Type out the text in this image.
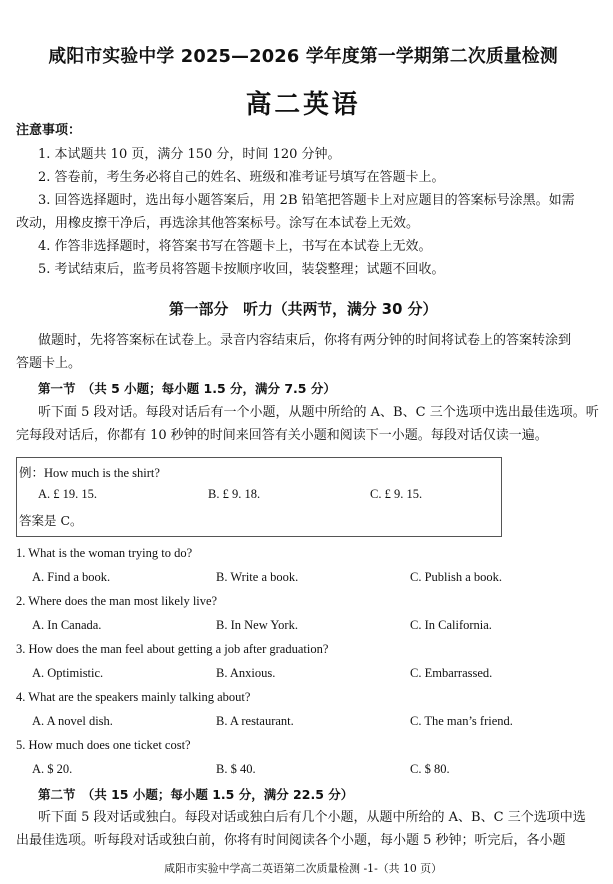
咸阳市实验中学 2025—2026 学年度第一学期第二次质量检测
高二英语
注意事项：
1. 本试题共 10 页，满分 150 分，时间 120 分钟。
2. 答卷前，考生务必将自己的姓名、班级和准考证号填写在答题卡上。
3. 回答选择题时，选出每小题答案后，用 2B 铅笔把答题卡上对应题目的答案标号涂黑。如需
改动，用橡皮擦干净后，再选涂其他答案标号。涂写在本试卷上无效。
4. 作答非选择题时，将答案书写在答题卡上，书写在本试卷上无效。
5. 考试结束后，监考员将答题卡按顺序收回，装袋整理；试题不回收。
第一部分　听力（共两节，满分 30 分）
做题时，先将答案标在试卷上。录音内容结束后，你将有两分钟的时间将试卷上的答案转涂到
答题卡上。
第一节　（共 5 小题；每小题 1.5 分，满分 7.5 分）
听下面 5 段对话。每段对话后有一个小题，从题中所给的 A、B、C 三个选项中选出最佳选项。听
完每段对话后，你都有 10 秒钟的时间来回答有关小题和阅读下一小题。每段对话仅读一遍。
例：How much is the shirt?
A. £ 19. 15.	B. £ 9. 18.	C. £ 9. 15.
答案是 C。
1. What is the woman trying to do?
A. Find a book.	B. Write a book.	C. Publish a book.
2. Where does the man most likely live?
A. In Canada.	B. In New York.	C. In California.
3. How does the man feel about getting a job after graduation?
A. Optimistic.	B. Anxious.	C. Embarrassed.
4. What are the speakers mainly talking about?
A. A novel dish.	B. A restaurant.	C. The man’s friend.
5. How much does one ticket cost?
A. $ 20.	B. $ 40.	C. $ 80.
第二节　（共 15 小题；每小题 1.5 分，满分 22.5 分）
听下面 5 段对话或独白。每段对话或独白后有几个小题，从题中所给的 A、B、C 三个选项中选
出最佳选项。听每段对话或独白前，你将有时间阅读各个小题，每小题 5 秒钟；听完后，各小题
咸阳市实验中学高二英语第二次质量检测 -1-（共 10 页）
